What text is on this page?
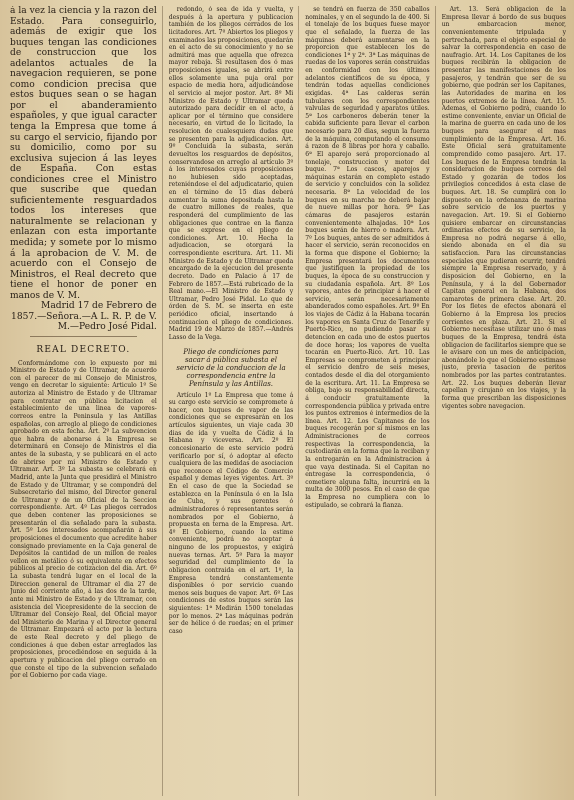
á la vez la ciencia y la razon del Estado. Para conseguirlo, además de exigir que los buques tengan las condiciones de construccion que los adelantos actuales de la navegacion requieren, se pone como condicion precisa que estos buques sean o se hagan por el abanderamiento españoles, y que igual caracter tenga la Empresa que tome á su cargo el servicio, fijando por su domicilio, como por su exclusiva sujecion á las leyes de España. Con estas condiciones cree el Ministro que suscribe que quedan suficientemente resguardados todos los intereses que naturalmente se relacionan y enlazan con esta importante medida; y somete por lo mismo á la aprobacion de V. M. de acuerdo con el Consejo de Ministros, el Real decreto que tiene el honor de poner en manos de V. M.

Madrid 17 de Febrero de 1857.—Señora.—A L. R. P. de V. M.—Pedro José Pidal.

REAL DECRETO.

Conformándome con lo expuesto por mi Ministro de Estado y de Ultramar, de acuerdo con el parecer de mi Consejo de Ministros, vengo en decretar lo siguiente: Articulo 1º Se autoriza al Ministro de Estado y de Ultramar para contratar en pública licitacion el establecimiento de una linea de vapores-correos entre la Peninsula y las Antillas españolas, con arreglo al pliego de condiciones aprobado en esta fecha. Art. 2º La subvencion que habra de abonarse á la Empresa se determinará en Consejo de Ministros el dia antes de la subasta, y se publicará en el acto de abrirse por mi Ministro de Estado y Ultramar. Art. 3º La subasta se celebrará en Madrid, ante la Junta que presidirá el Ministro de Estado y de Ultramar, y se compondrá del Subsecretario del mismo, del Director general de Ultramar y de un Oficial de la Seccion correspondiente. Art. 4º Las pliegos cerrados que deben contener las proposiciones se presentarán el dia señalado para la subasta. Art. 5º Los interesados acompañarán á sus proposiciones el documento que acredite haber consignado previamente en la Caja general de Depósitos la cantidad de un millon de reales vellon en metálico ó su equivalente en efectos públicos al precio de cotizacion del dia. Art. 6º La subasta tendrá lugar en el local de la Direccion general de Ultramar el dia 27 de Junio del corriente año, á las dos de la tarde, ante mi Ministro de Estado y de Ultramar, con asistencia del Vicepresidente de la seccion de Ultramar del Consejo Real, del Oficial mayor del Ministerio de Marina y el Director general de Ultramar. Empezará el acto por la lectura de este Real decreto y del pliego de condiciones á que deben estar arreglados las proposiciones, procediéndose en seguida á la apertura y publicacion del pliego cerrado en que conste el tipo de la subvencion señalado por el Gobierno por cada viage.

redondo, ó sea de ida y vuelta, y después á la apertura y publicacion también de los pliegos cerrados de los licitadores. Art. 7º Abiertos los pliegos y examinados las proposiciones, quedarán en el acto de su conocimiento y no se admitirá mas que aquella que ofrezca mayor rebaja. Si resultasen dos ó mas proposiciones iguales, se abrirá entre ellos solamente una puja oral por espacio de media hora, adjudicándose el servicio al mejor postor. Art. 8º Mi Ministro de Estado y Ultramar queda autorizado para decidir en el acto, á aplicar por el término que considere necesario, en virtud de lo licitado, la resolucion de cualesquiera dudas que se presenten para la adjudicacion. Art. 9º Concluida la subasta, serán devueltos los resguardos de depósitos, conservandose en arreglo al artículo 3º á los interesados cuyas proposiciones no hubiesen sido aceptadas, reteniéndose el del adjudicatario, quien en el término de 15 dias deberá aumentar la suma depositada hasta la de cuatro millones de reales, que responderá del cumplimiento de las obligaciones que contrae en la fianza que se exprese en el pliego de condiciones. Art. 10. Hecha la adjudicacion, se otorgará la correspondiente escritura. Art. 11. Mi Ministro de Estado y de Ultramar queda encargado de la ejecucion del presente decreto. Dado en Palacio á 17 de Febrero de 1857.—Está rubricado de la Real mano.—El Ministro de Estado y Ultramar, Pedro José Pidal. Lo que de órden de S. M. se inserta en este periódico oficial, insertando á continuacion el pliego de condiciones. Madrid 19 de Marzo de 1857.—Andrés Lasso de la Vega.

Pliego de condiciones para sacar á pública subasta el servicio de la conduccion de la correspondencia entre la Península y las Antillas.

Artículo 1º La Empresa que tome á su cargo este servicio se compromete á hacer, con buques de vapor de las condiciones que se expresarán en los artículos siguientes, un viaje cada 30 dias de ida y vuelta de Cádiz á la Habana y viceversa. Art. 2º El concesionario de este servicio podrá verificarlo por sí, ó adoptar al efecto cualquiera de las medidas de asociacion que reconoce el Código de Comercio español y demas leyes vigentes. Art. 3º En el caso de que la Sociedad se establezca en la Península ó en la Isla de Cuba, y sus gerentes ó administradores ó representantes serán nombrados por el Gobierno, á propuesta en terna de la Empresa. Art. 4º El Gobierno, cuando la estime conveniente, podrá no aceptar á ninguno de los propuestos, y exigirá nuevas ternas. Art. 5º Para la mayor seguridad del cumplimiento de la obligacion contraida en el art. 1º, la Empresa tendrá constantemente disponibles ó por servicio cuando menos seis buques de vapor. Art. 6º Las condiciones de estos buques serán las siguientes: 1ª Medirán 1500 toneladas por lo menos. 2ª Las máquinas podrán ser de hélice ó de ruedas; en el primer caso

se tendrá en fuerza de 350 caballos nominales, y en el segundo la de 400. Si el tonelaje de los buques fuese mayor que el señalado, la fuerza de las máquinas deberá aumentarse en la proporcion que establecen los de condiciones 1ª y 2ª. 3ª Las máquinas de ruedas de los vapores serán construidas en conformidad con los últimos adelantos científicos de su época, y tendrán todas aquellas condiciones exigidas. 4ª Las calderas serán tubulares con los correspondientes valvulas de seguridad y aparatos útiles. 5ª Los carboneros deberán tener la cabida suficiente para llevar el carbon necesario para 20 dias, segun la fuerza de la máquina, computando el consumo á razon de 8 libras por hora y caballo. 6ª El aparejo será proporcionado al tonelaje, construccion y motor del buque. 7ª Los cascos, aparejos y máquinas estarán en completo estado de servicio y concluidos con la solidez necesaria. 8ª La velocidad de los buques en su marcha no deberá bajar de nueve millas por hora. 9ª Las cámaras de pasajeros estarán convenientemente alhajadas. 10ª Los buques serán de hierro o madera. Art. 7º Los buques, antes de ser admitidos á hacer el servicio, serán reconocidos en la forma que dispone el Gobierno; la Empresa presentará los documentos que justifiquen la propiedad de los buques, la época de su construccion y su ciudadanía española. Art. 8º Los vapores, antes de principiar á hacer el servicio, serán necesariamente abanderados como españoles. Art. 9º En los viajes de Cádiz á la Habana tocarán los vapores en Santa Cruz de Tenerife y Puerto-Rico, no pudiendo pasar su detencion en cada uno de estos puertos de doce horas; los vapores de vuelta tocarán en Puerto-Rico. Art. 10. Las Empresas se comprometen á principiar el servicio dentro de seis meses, contados desde el dia del otorgamiento de la escritura. Art. 11. La Empresa se obliga, bajo su responsabilidad directa, á conducir gratuitamente la correspondencia pública y privada entre los puntos extremos é intermedios de la línea. Art. 12. Los Capitanes de los buques recogerán por sí mismos en las Administraciones de correos respectivas la correspondencia, la custodiarán en la forma que la reciban y la entregarán en la Administracion á que vaya destinada. Si el Capitan no entregase la correspondencia, ó cometiere alguna falta, incurrirá en la multa de 3000 pesos. En el caso de que la Empresa no cumpliera con lo estipulado, se cobrará la fianza.

Art. 13. Será obligacion de la Empresa llevar á bordo de sus buques un embarcacion menor, convenientemente tripulada y pertrechada, para el objeto especial de salvar la correspondencia en caso de naufragio. Art. 14. Los Capitanes de los buques recibirán la obligacion de presentar las manifestaciones de los pasajeros, y tendrán que ser de su gobierno, que podrán ser los Capitanes, las Autoridades de marina en los puertos extremos de la línea. Art. 15. Ademas, el Gobierno podrá, cuando lo estime conveniente, enviar un Oficial de la marina de guerra en cada uno de los buques para asegurar el mas cumplimiento de la Empresa. Art. 16. Este Oficial será gratuitamente comprendido como pasajero. Art. 17. Los buques de la Empresa tendrán la consideracion de buques correos del Estado y gozarán de todos los privilegios concedidos á esta clase de buques. Art. 18. Se cumplirá con lo dispuesto en la ordenanza de marina sobre servicio de los puertos y navegacion. Art. 19. Si el Gobierno quisiere embarcar en circunstancias ordinarias efectos de su servicio, la Empresa no podrá negarse á ello, siendo abonada en el dia su satisfaccion. Para las circunstancias especiales que pudieran ocurrir, tendrá siempre la Empresa reservado, y á disposicion del Gobierno, en la Península, y á la del Gobernador Capitan general en la Habana, dos camarotes de primera clase. Art. 20. Por los fletes de efectos abonará el Gobierno á la Empresa los precios corrientes en plaza. Art. 21. Si el Gobierno necesitase utilizar uno ó mas buques de la Empresa, tendrá ésta obligacion de facilitarlos siempre que se le avisare con un mes de anticipacion, abonándole lo que el Gobierno estimase justo, previa tasacion de peritos nombrados por las partes contratantes. Art. 22. Los buques deberán llevar capellan y cirujano en los viajes, y la forma que prescriban las disposiciones vigentes sobre navegacion.
